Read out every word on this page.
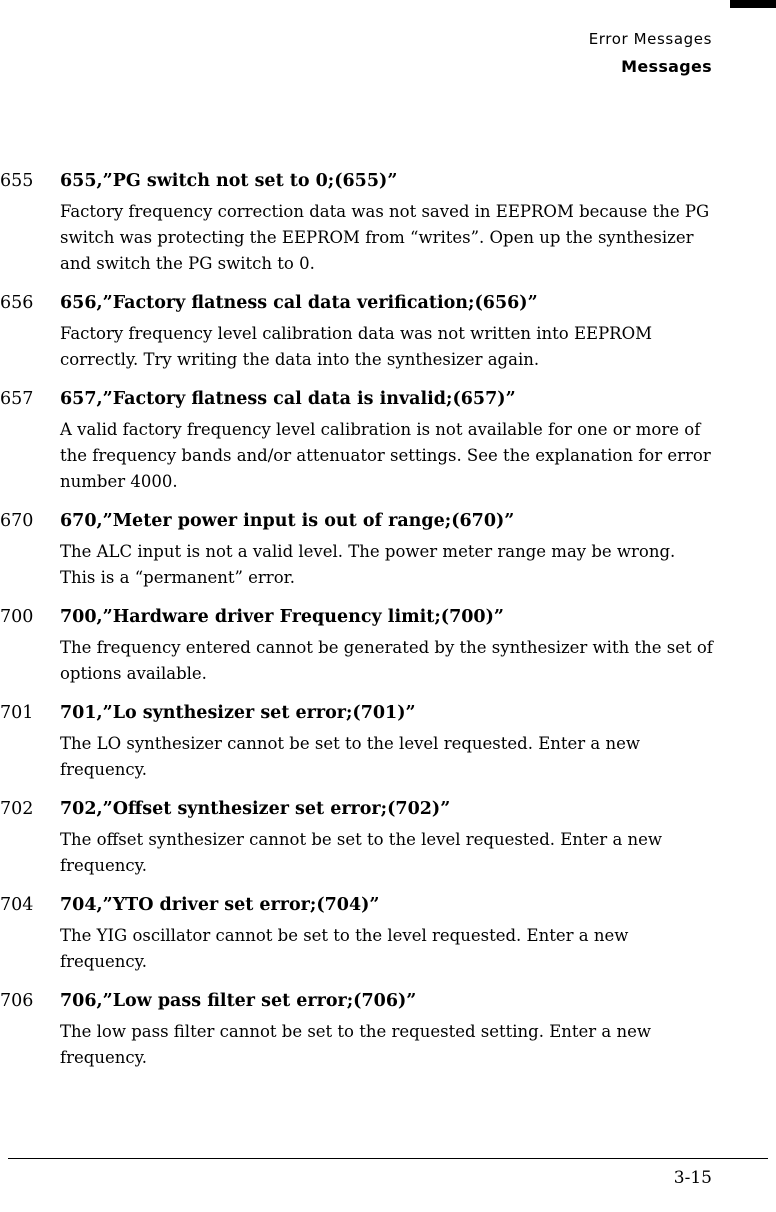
Error Messages
Messages
655	655,”PG switch not set to 0;(655)”
Factory frequency correction data was not saved in EEPROM because the PG switch was protecting the EEPROM from “writes”. Open up the synthesizer and switch the PG switch to 0.
656	656,”Factory flatness cal data verification;(656)”
Factory frequency level calibration data was not written into EEPROM correctly. Try writing the data into the synthesizer again.
657	657,”Factory flatness cal data is invalid;(657)”
A valid factory frequency level calibration is not available for one or more of the frequency bands and/or attenuator settings. See the explanation for error number 4000.
670	670,”Meter power input is out of range;(670)”
The ALC input is not a valid level. The power meter range may be wrong. This is a “permanent” error.
700	700,”Hardware driver Frequency limit;(700)”
The frequency entered cannot be generated by the synthesizer with the set of options available.
701	701,”Lo synthesizer set error;(701)”
The LO synthesizer cannot be set to the level requested. Enter a new frequency.
702	702,”Offset synthesizer set error;(702)”
The offset synthesizer cannot be set to the level requested. Enter a new frequency.
704	704,”YTO driver set error;(704)”
The YIG oscillator cannot be set to the level requested. Enter a new frequency.
706	706,”Low pass filter set error;(706)”
The low pass filter cannot be set to the requested setting. Enter a new frequency.
3-15
